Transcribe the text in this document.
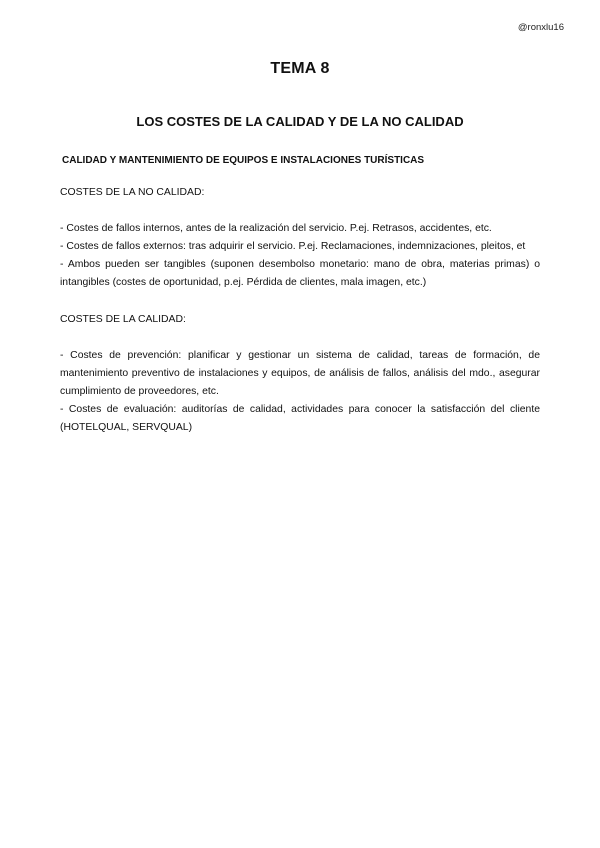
@ronxlu16
TEMA 8
LOS COSTES DE LA CALIDAD Y DE LA NO CALIDAD
CALIDAD Y MANTENIMIENTO DE EQUIPOS E INSTALACIONES TURÍSTICAS

COSTES DE LA NO CALIDAD:

- Costes de fallos internos, antes de la realización del servicio. P.ej. Retrasos, accidentes, etc.

- Costes de fallos externos: tras adquirir el servicio. P.ej. Reclamaciones, indemnizaciones, pleitos, et

- Ambos pueden ser tangibles (suponen desembolso monetario: mano de obra, materias primas) o intangibles (costes de oportunidad, p.ej. Pérdida de clientes, mala imagen, etc.)

COSTES DE LA CALIDAD:

- Costes de prevención: planificar y gestionar un sistema de calidad, tareas de formación, de mantenimiento preventivo de instalaciones y equipos, de análisis de fallos, análisis del mdo., asegurar cumplimiento de proveedores, etc.

- Costes de evaluación: auditorías de calidad, actividades para conocer la satisfacción del cliente (HOTELQUAL, SERVQUAL)
